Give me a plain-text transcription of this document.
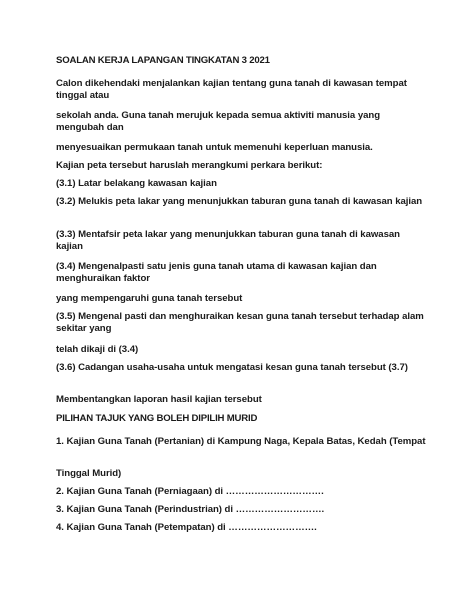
SOALAN KERJA LAPANGAN TINGKATAN 3 2021

Calon dikehendaki menjalankan kajian tentang guna tanah di kawasan tempat tinggal atau

sekolah anda. Guna tanah merujuk kepada semua aktiviti manusia yang mengubah dan

menyesuaikan permukaan tanah untuk memenuhi keperluan manusia.

Kajian peta tersebut haruslah merangkumi perkara berikut:

(3.1) Latar belakang kawasan kajian

(3.2) Melukis peta lakar yang menunjukkan taburan guna tanah di kawasan kajian

(3.3) Mentafsir peta lakar yang menunjukkan taburan guna tanah di kawasan kajian

(3.4) Mengenalpasti satu jenis guna tanah utama di kawasan kajian dan menghuraikan faktor

yang mempengaruhi guna tanah tersebut

(3.5) Mengenal pasti dan menghuraikan kesan guna tanah tersebut terhadap alam sekitar yang

telah dikaji di (3.4)

(3.6) Cadangan usaha-usaha untuk mengatasi kesan guna tanah tersebut (3.7)

Membentangkan laporan hasil kajian tersebut

PILIHAN TAJUK YANG BOLEH DIPILIH MURID

1. Kajian Guna Tanah (Pertanian) di Kampung Naga, Kepala Batas, Kedah (Tempat

Tinggal Murid)

2. Kajian Guna Tanah (Perniagaan) di ………………………….

3. Kajian Guna Tanah (Perindustrian) di ……………………….

4. Kajian Guna Tanah (Petempatan) di ……………………….
